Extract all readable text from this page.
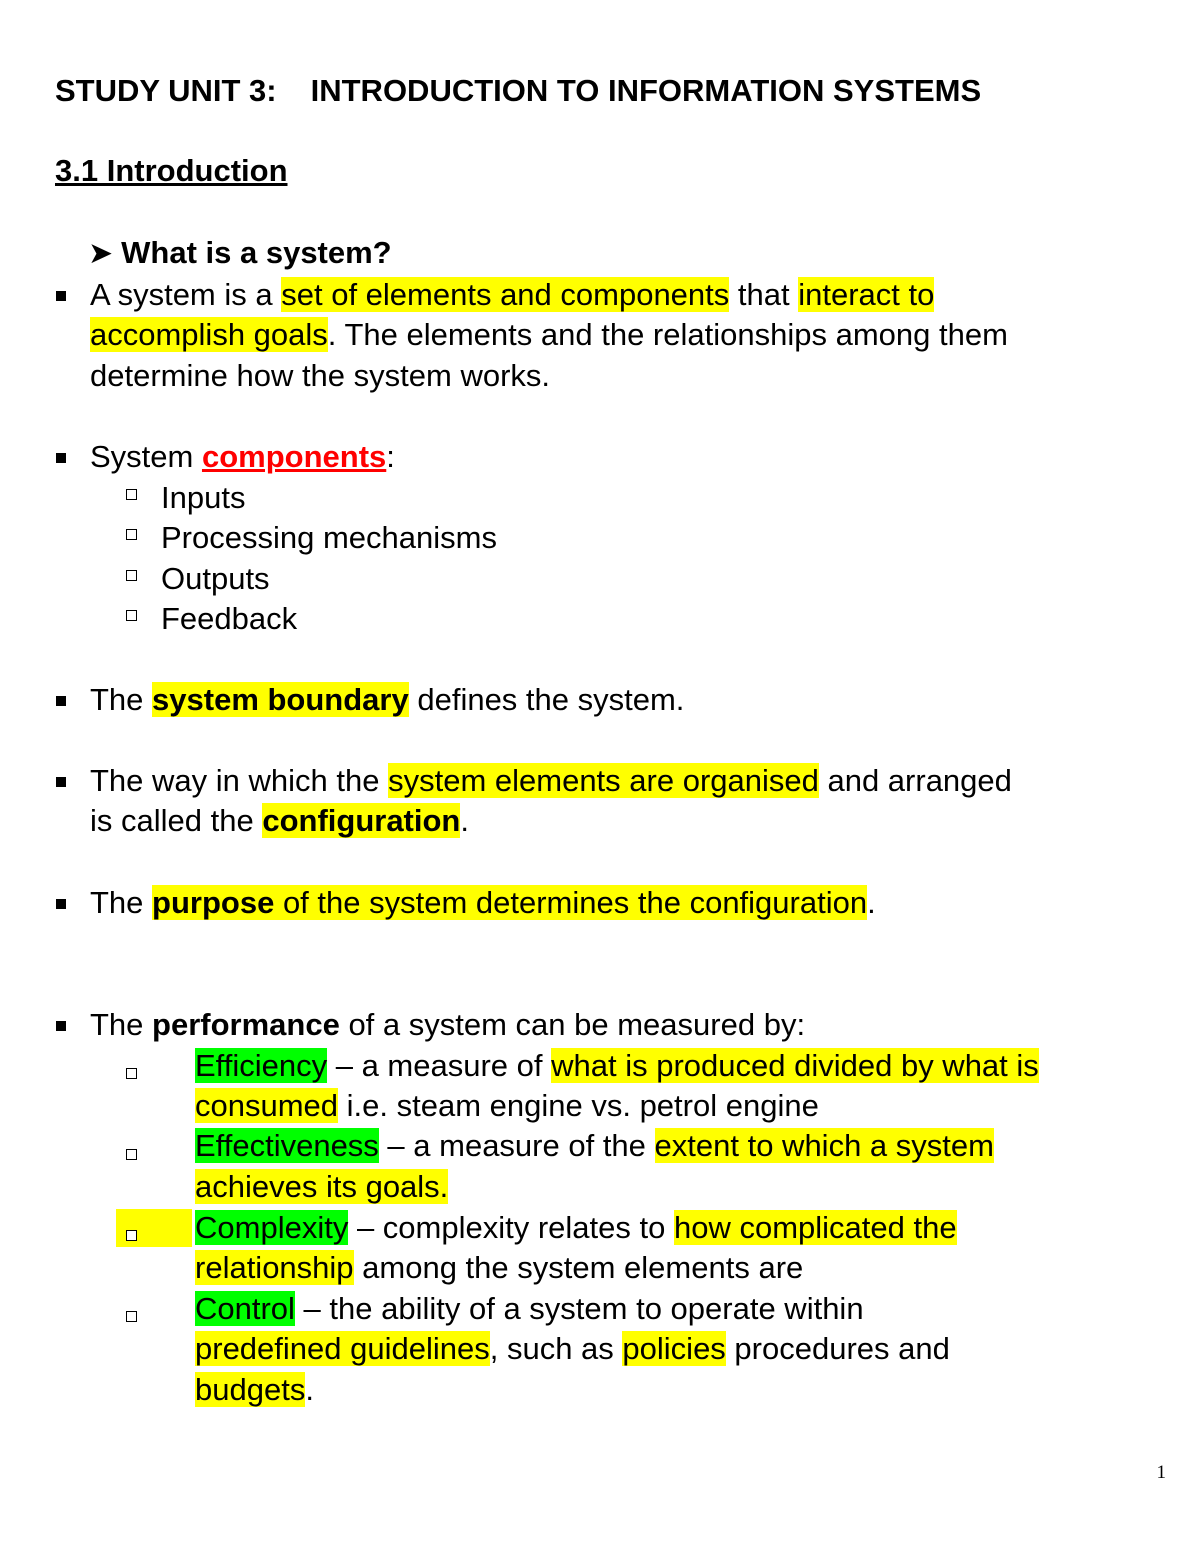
STUDY UNIT 3: INTRODUCTION TO INFORMATION SYSTEMS
3.1 Introduction
➤ What is a system?
A system is a set of elements and components that interact to
accomplish goals. The elements and the relationships among them
determine how the system works.
System components:
Inputs
Processing mechanisms
Outputs
Feedback
The system boundary defines the system.
The way in which the system elements are organised and arranged
is called the configuration.
The purpose of the system determines the configuration.
The performance of a system can be measured by:
Efficiency – a measure of what is produced divided by what is
consumed i.e. steam engine vs. petrol engine
Effectiveness – a measure of the extent to which a system
achieves its goals.
Complexity – complexity relates to how complicated the
relationship among the system elements are
Control – the ability of a system to operate within
predefined guidelines, such as policies procedures and
budgets.
1
